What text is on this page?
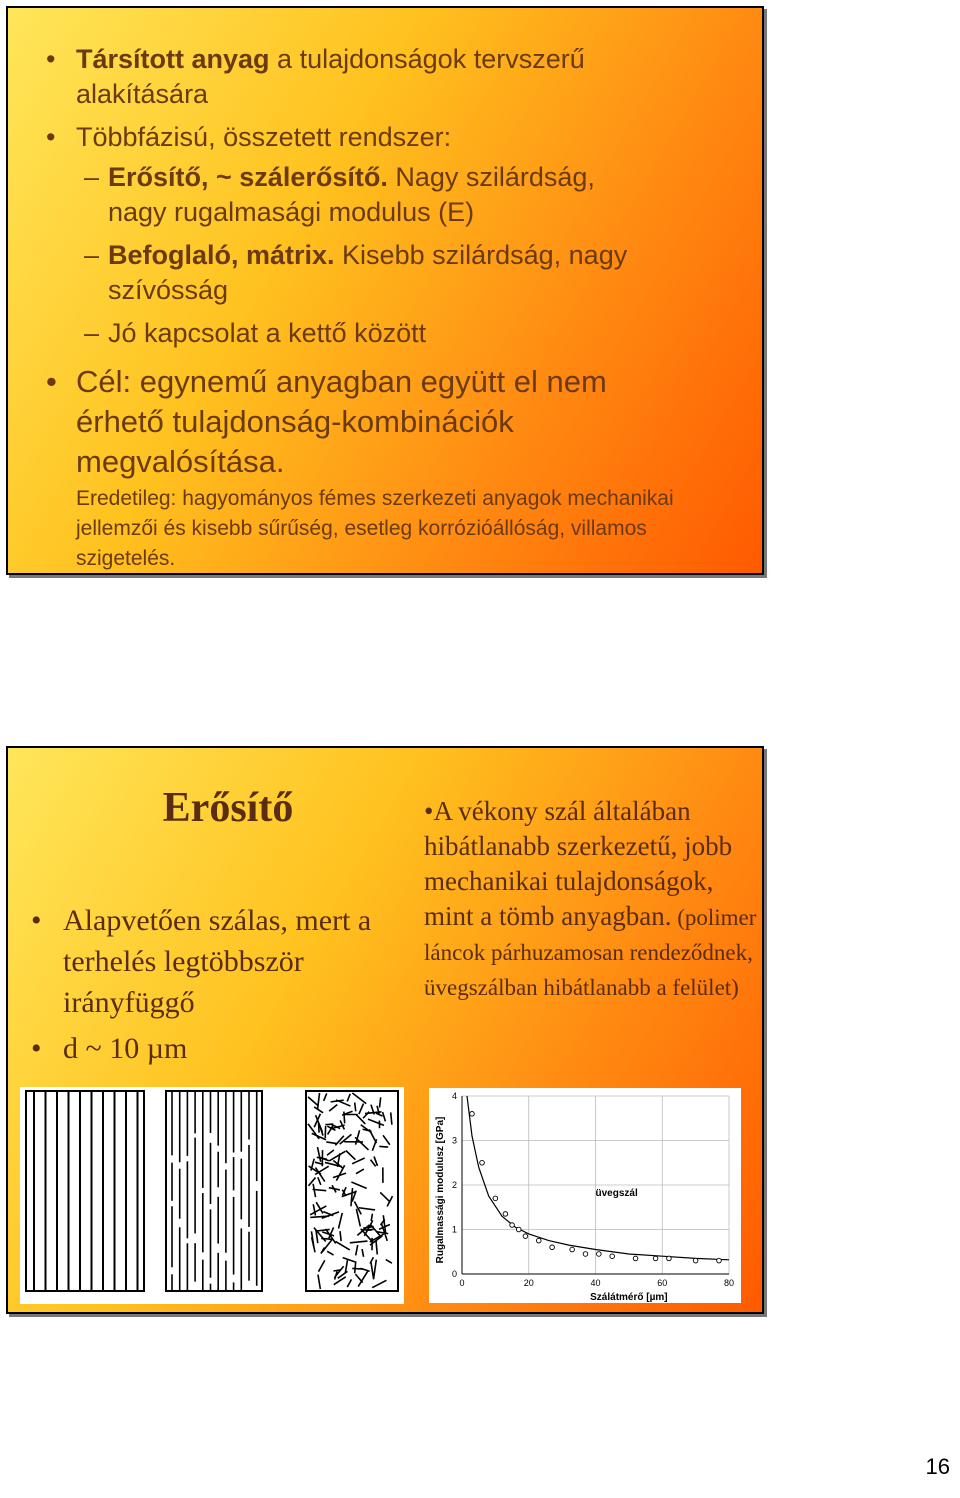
• Társított anyag a tulajdonságok tervszerű
alakítására
• Többfázisú, összetett rendszer:
– Erősítő, ~ szálerősítő. Nagy szilárdság,
nagy rugalmasági modulus (E)
– Befoglaló, mátrix. Kisebb szilárdság, nagy
szívósság
– Jó kapcsolat a kettő között
• Cél: egynemű anyagban együtt el nem
érhető tulajdonság-kombinációk
megvalósítása.
Eredetileg: hagyományos fémes szerkezeti anyagok mechanikai jellemzői és kisebb sűrűség, esetleg korrózióállóság, villamos szigetelés.
Erősítő
• Alapvetően szálas, mert a terhelés legtöbbször irányfüggő
• d ~ 10 µm
•A vékony szál általában hibátlanabb szerkezetű, jobb mechanikai tulajdonságok, mint a tömb anyagban. (polimer láncok párhuzamosan rendeződnek, üvegszálban hibátlanabb a felület)
0	20	40	60	80
0
1
2
3
4
Szálátmérő [µm]
Rugalmassági modulusz [GPa]	üvegszál
16
